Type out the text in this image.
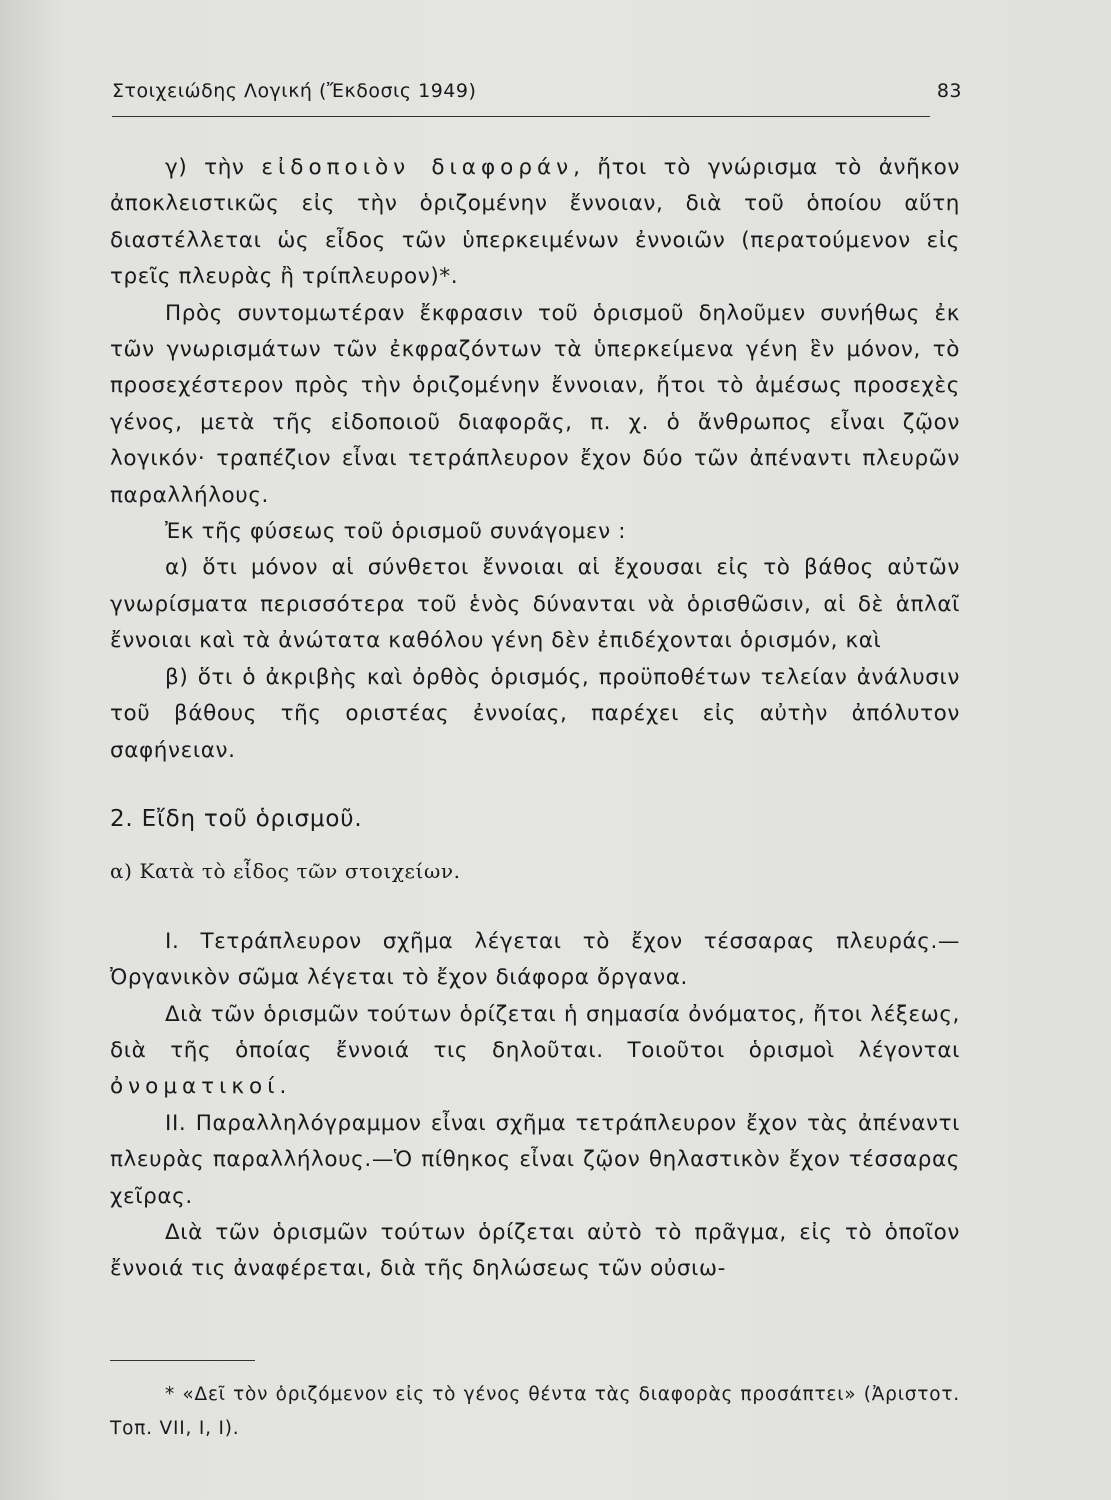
Στοιχειώδης Λογική (Ἔκδοσις 1949)	83

γ) τὴν εἰδοποιὸν διαφοράν, ἤτοι τὸ γνώρισμα τὸ ἀνῆκον ἀποκλειστικῶς εἰς τὴν ὁριζομένην ἔννοιαν, διὰ τοῦ ὁποίου αὕτη διαστέλλεται ὡς εἶδος τῶν ὑπερκειμένων ἐννοιῶν (περατούμενον εἰς τρεῖς πλευρὰς ἢ τρίπλευρον)*.

Πρὸς συντομωτέραν ἔκφρασιν τοῦ ὁρισμοῦ δηλοῦμεν συνήθως ἐκ τῶν γνωρισμάτων τῶν ἐκφραζόντων τὰ ὑπερκείμενα γένη ἓν μόνον, τὸ προσεχέστερον πρὸς τὴν ὁριζομένην ἔννοιαν, ἤτοι τὸ ἀμέσως προσεχὲς γένος, μετὰ τῆς εἰδοποιοῦ διαφορᾶς, π. χ. ὁ ἄνθρωπος εἶναι ζῷον λογικόν· τραπέζιον εἶναι τετράπλευρον ἔχον δύο τῶν ἀπέναντι πλευρῶν παραλλήλους.

Ἐκ τῆς φύσεως τοῦ ὁρισμοῦ συνάγομεν :

α) ὅτι μόνον αἱ σύνθετοι ἔννοιαι αἱ ἔχουσαι εἰς τὸ βάθος αὐτῶν γνωρίσματα περισσότερα τοῦ ἑνὸς δύνανται νὰ ὁρισθῶσιν, αἱ δὲ ἁπλαῖ ἔννοιαι καὶ τὰ ἀνώτατα καθόλου γένη δὲν ἐπιδέχονται ὁρισμόν, καὶ

β) ὅτι ὁ ἀκριβὴς καὶ ὀρθὸς ὁρισμός, προϋποθέτων τελείαν ἀνάλυσιν τοῦ βάθους τῆς οριστέας ἐννοίας, παρέχει εἰς αὐτὴν ἀπόλυτον σαφήνειαν.

2. Εἴδη τοῦ ὁρισμοῦ.

α) Κατὰ τὸ εἶδος τῶν στοιχείων.

Ι. Τετράπλευρον σχῆμα λέγεται τὸ ἔχον τέσσαρας πλευράς.—Ὀργανικὸν σῶμα λέγεται τὸ ἔχον διάφορα ὄργανα.

Διὰ τῶν ὁρισμῶν τούτων ὁρίζεται ἡ σημασία ὀνόματος, ἤτοι λέξεως, διὰ τῆς ὁποίας ἔννοιά τις δηλοῦται. Τοιοῦτοι ὁρισμοὶ λέγονται ὀνοματικοί.

ΙΙ. Παραλληλόγραμμον εἶναι σχῆμα τετράπλευρον ἔχον τὰς ἀπέναντι πλευρὰς παραλλήλους.—Ὁ πίθηκος εἶναι ζῷον θηλαστικὸν ἔχον τέσσαρας χεῖρας.

Διὰ τῶν ὁρισμῶν τούτων ὁρίζεται αὐτὸ τὸ πρᾶγμα, εἰς τὸ ὁποῖον ἔννοιά τις ἀναφέρεται, διὰ τῆς δηλώσεως τῶν οὐσιω-

* «Δεῖ τὸν ὁριζόμενον εἰς τὸ γένος θέντα τὰς διαφορὰς προσάπτει» (Ἀριστοτ. Τοπ. VII, I, I).
